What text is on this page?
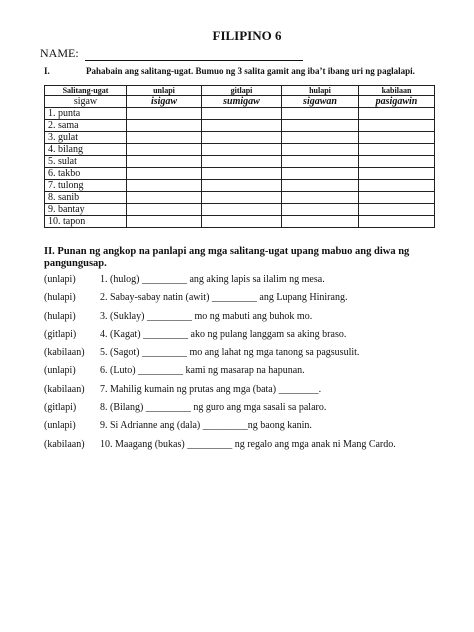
FILIPINO 6
NAME:
I.	Pahabain ang salitang-ugat. Bumuo ng 3 salita gamit ang iba’t ibang uri ng paglalapi.
Salitang-ugat	unlapi	gitlapi	hulapi	kabilaan
sigaw	isigaw	sumigaw	sigawan	pasigawin
1. punta				
2. sama				
3. gulat				
4. bilang				
5. sulat				
6. takbo				
7. tulong				
8. sanib				
9. bantay				
10. tapon				
II. Punan ng angkop na panlapi ang mga salitang-ugat upang mabuo ang diwa ng pangungusap.
(unlapi)	1. (hulog) _________ ang aking lapis sa ilalim ng mesa.
(hulapi)	2. Sabay-sabay natin (awit) _________ ang Lupang Hinirang.
(hulapi)	3. (Suklay) _________ mo ng mabuti ang buhok mo.
(gitlapi)	4. (Kagat) _________ ako ng pulang langgam sa aking braso.
(kabilaan)	5. (Sagot) _________ mo ang lahat ng mga tanong sa pagsusulit.
(unlapi)	6. (Luto) _________ kami ng masarap na hapunan.
(kabilaan)	7. Mahilig kumain ng prutas ang mga (bata) ________.
(gitlapi)	8. (Bilang) _________ ng guro ang mga sasali sa palaro.
(unlapi)	9. Si Adrianne ang (dala) _________ng baong kanin.
(kabilaan)	10. Maagang (bukas) _________ ng regalo ang mga anak ni Mang Cardo.
